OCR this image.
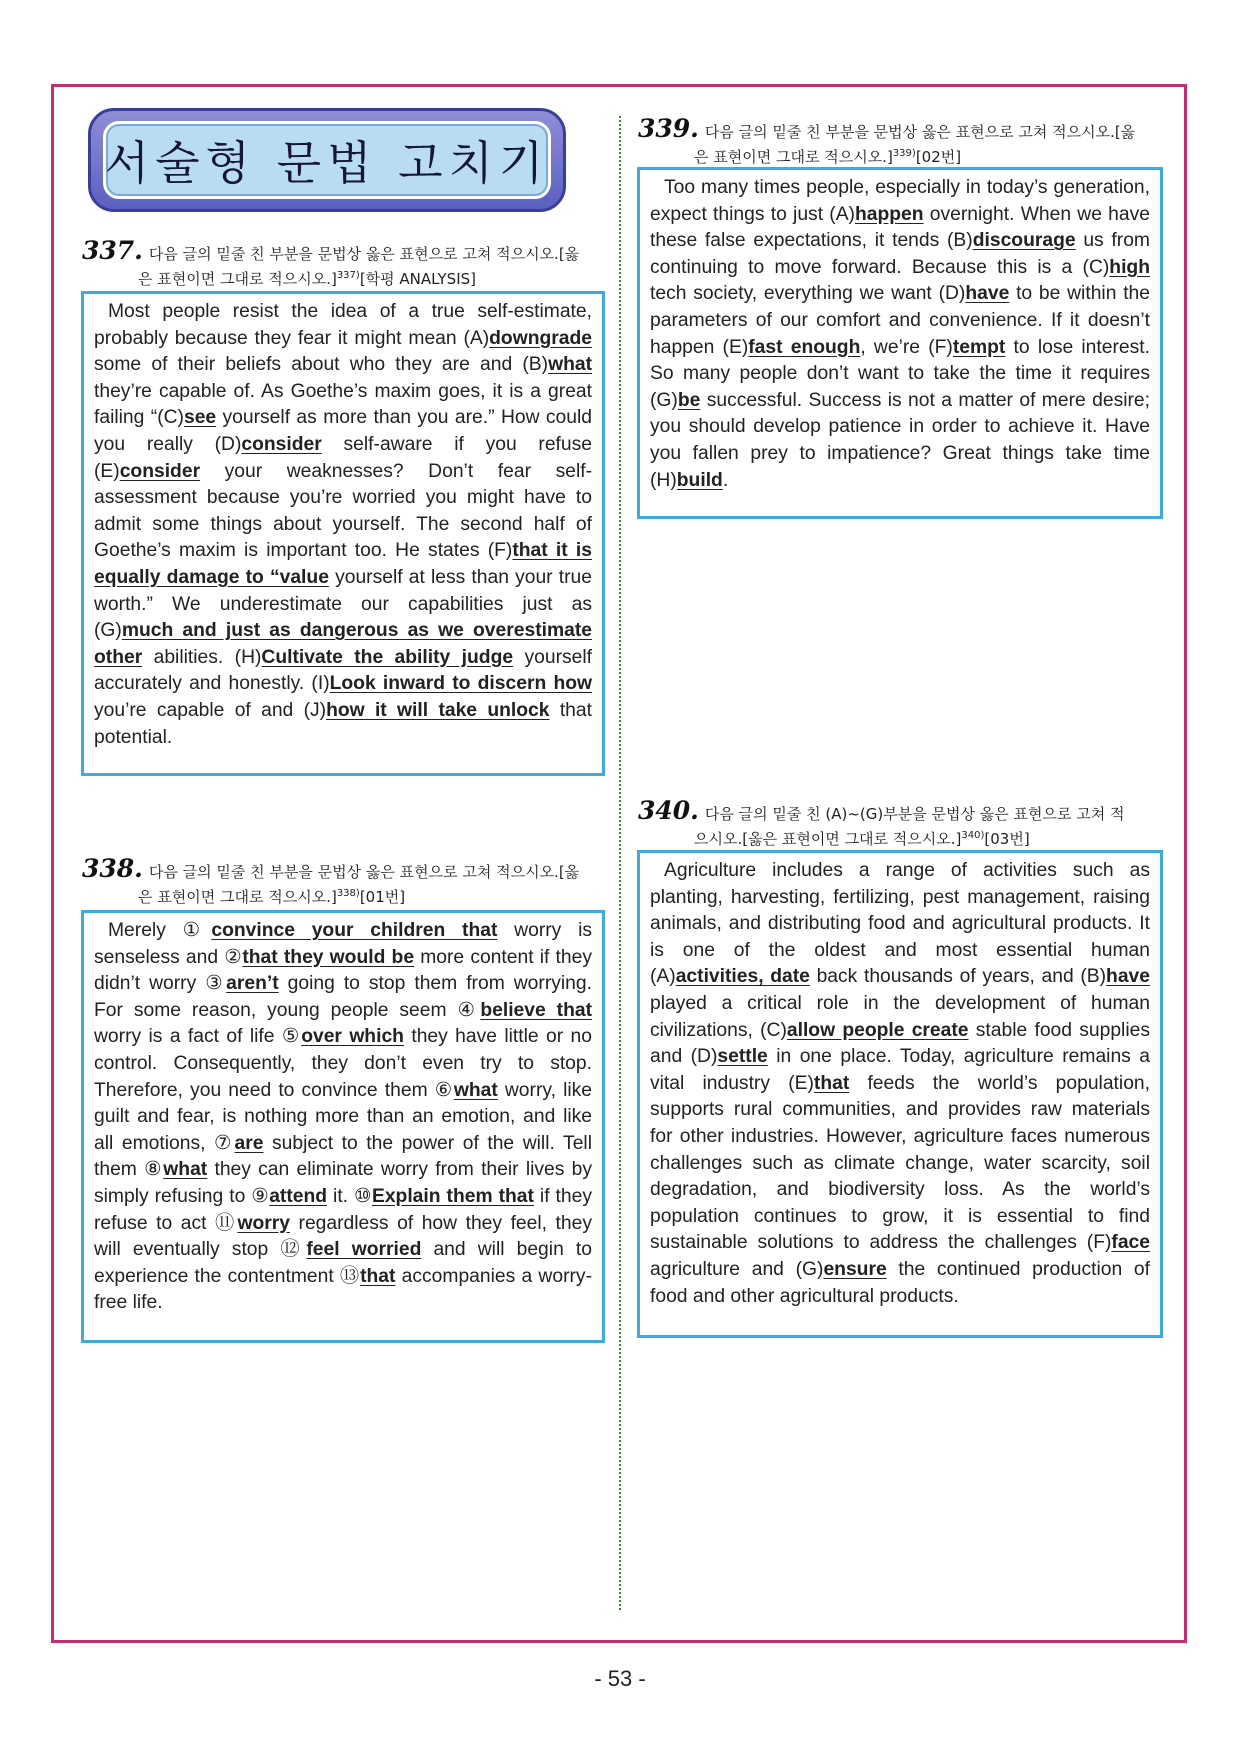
서술형 문법 고치기
337. 다음 글의 밑줄 친 부분을 문법상 옳은 표현으로 고쳐 적으시오.[옳
은 표현이면 그대로 적으시오.]$^{337)}$[학평 ANALYSIS]

Most people resist the idea of a true self-estimate, probably because they fear it might mean (A)downgrade some of their beliefs about who they are and (B)what they’re capable of. As Goethe’s maxim goes, it is a great failing “(C)see yourself as more than you are.” How could you really (D)consider self-aware if you refuse (E)consider your weaknesses? Don’t fear self-assessment because you’re worried you might have to admit some things about yourself. The second half of Goethe’s maxim is important too. He states (F)that it is equally damage to “value yourself at less than your true worth.” We underestimate our capabilities just as (G)much and just as dangerous as we overestimate other abilities. (H)Cultivate the ability judge yourself accurately and honestly. (I)Look inward to discern how you’re capable of and (J)how it will take unlock that potential.

338. 다음 글의 밑줄 친 부분을 문법상 옳은 표현으로 고쳐 적으시오.[옳
은 표현이면 그대로 적으시오.]$^{338)}$[01번]

Merely ①convince your children that worry is senseless and ②that they would be more content if they didn’t worry ③aren’t going to stop them from worrying. For some reason, young people seem ④believe that worry is a fact of life ⑤over which they have little or no control. Consequently, they don’t even try to stop. Therefore, you need to convince them ⑥what worry, like guilt and fear, is nothing more than an emotion, and like all emotions, ⑦are subject to the power of the will. Tell them ⑧what they can eliminate worry from their lives by simply refusing to ⑨attend it. ⑩Explain them that if they refuse to act ⑪worry regardless of how they feel, they will eventually stop ⑫feel worried and will begin to experience the contentment ⑬that accompanies a worry-free life.

339. 다음 글의 밑줄 친 부분을 문법상 옳은 표현으로 고쳐 적으시오.[옳
은 표현이면 그대로 적으시오.]$^{339)}$[02번]

Too many times people, especially in today’s generation, expect things to just (A)happen overnight. When we have these false expectations, it tends (B)discourage us from continuing to move forward. Because this is a (C)high tech society, everything we want (D)have to be within the parameters of our comfort and convenience. If it doesn’t happen (E)fast enough, we’re (F)tempt to lose interest. So many people don’t want to take the time it requires (G)be successful. Success is not a matter of mere desire; you should develop patience in order to achieve it. Have you fallen prey to impatience? Great things take time (H)build.

340. 다음 글의 밑줄 친 (A)~(G)부분을 문법상 옳은 표현으로 고쳐 적
으시오.[옳은 표현이면 그대로 적으시오.]$^{340)}$[03번]

Agriculture includes a range of activities such as planting, harvesting, fertilizing, pest management, raising animals, and distributing food and agricultural products. It is one of the oldest and most essential human (A)activities, date back thousands of years, and (B)have played a critical role in the development of human civilizations, (C)allow people create stable food supplies and (D)settle in one place. Today, agriculture remains a vital industry (E)that feeds the world’s population, supports rural communities, and provides raw materials for other industries. However, agriculture faces numerous challenges such as climate change, water scarcity, soil degradation, and biodiversity loss. As the world’s population continues to grow, it is essential to find sustainable solutions to address the challenges (F)face agriculture and (G)ensure the continued production of food and other agricultural products.

- 53 -
